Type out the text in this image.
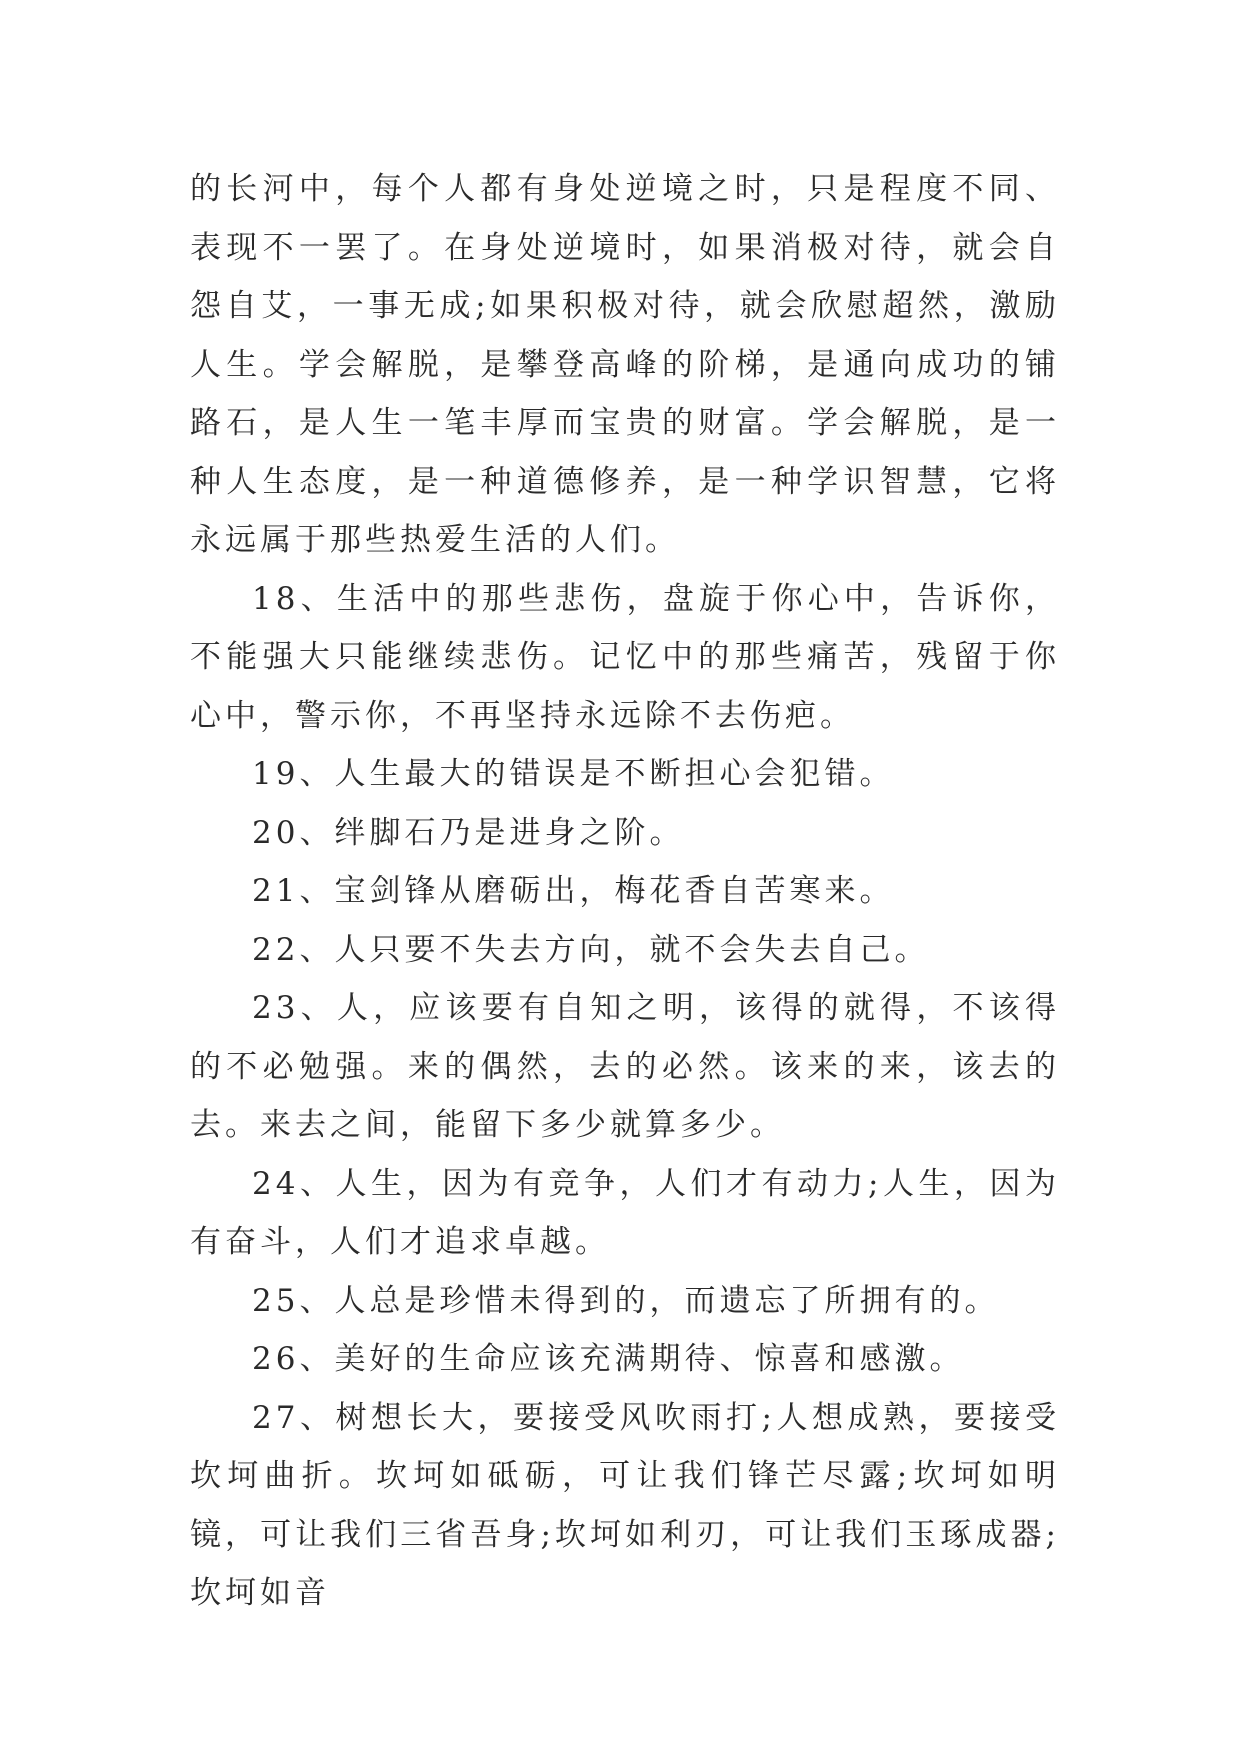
的长河中，每个人都有身处逆境之时，只是程度不同、表现不一罢了。在身处逆境时，如果消极对待，就会自怨自艾，一事无成;如果积极对待，就会欣慰超然，激励人生。学会解脱，是攀登高峰的阶梯，是通向成功的铺路石，是人生一笔丰厚而宝贵的财富。学会解脱，是一种人生态度，是一种道德修养，是一种学识智慧，它将永远属于那些热爱生活的人们。

18、生活中的那些悲伤，盘旋于你心中，告诉你，不能强大只能继续悲伤。记忆中的那些痛苦，残留于你心中，警示你，不再坚持永远除不去伤疤。

19、人生最大的错误是不断担心会犯错。

20、绊脚石乃是进身之阶。

21、宝剑锋从磨砺出，梅花香自苦寒来。

22、人只要不失去方向，就不会失去自己。

23、人，应该要有自知之明，该得的就得，不该得的不必勉强。来的偶然，去的必然。该来的来，该去的去。来去之间，能留下多少就算多少。

24、人生，因为有竞争，人们才有动力;人生，因为有奋斗，人们才追求卓越。

25、人总是珍惜未得到的，而遗忘了所拥有的。

26、美好的生命应该充满期待、惊喜和感激。

27、树想长大，要接受风吹雨打;人想成熟，要接受坎坷曲折。坎坷如砥砺，可让我们锋芒尽露;坎坷如明镜，可让我们三省吾身;坎坷如利刃，可让我们玉琢成器;坎坷如音
